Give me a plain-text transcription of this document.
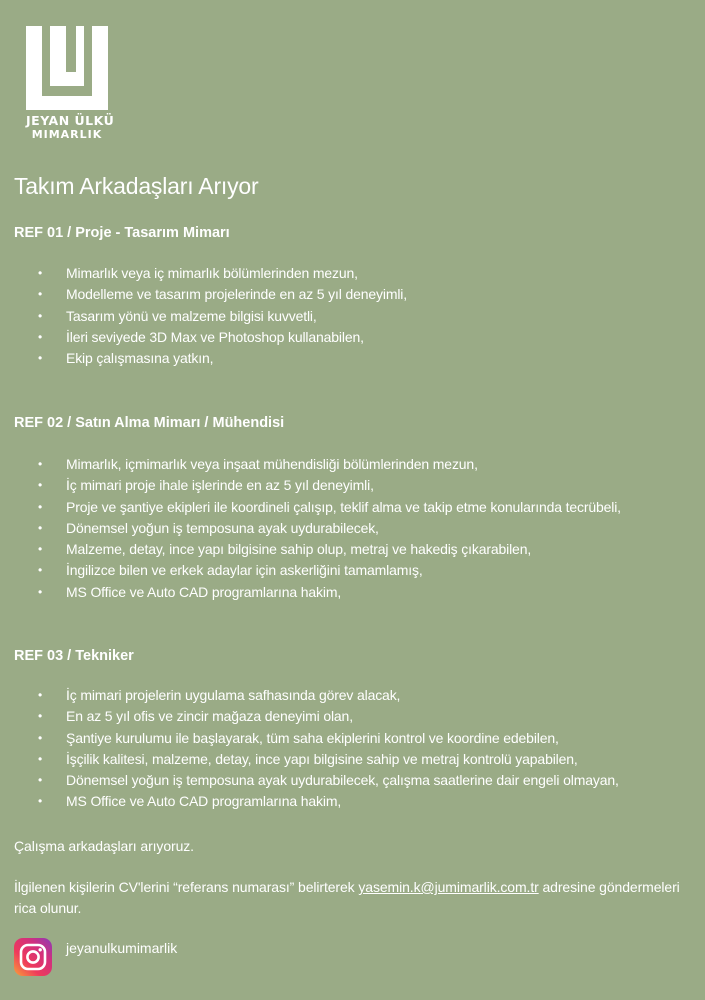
JEYAN ÜLKÜ
MIMARLIK
Takım Arkadaşları Arıyor
REF 01 / Proje - Tasarım Mimarı
• Mimarlık veya iç mimarlık bölümlerinden mezun,
• Modelleme ve tasarım projelerinde en az 5 yıl deneyimli,
• Tasarım yönü ve malzeme bilgisi kuvvetli,
• İleri seviyede 3D Max ve Photoshop kullanabilen,
• Ekip çalışmasına yatkın,
REF 02 / Satın Alma Mimarı / Mühendisi
• Mimarlık, içmimarlık veya inşaat mühendisliği bölümlerinden mezun,
• İç mimari proje ihale işlerinde en az 5 yıl deneyimli,
• Proje ve şantiye ekipleri ile koordineli çalışıp, teklif alma ve takip etme konularında tecrübeli,
• Dönemsel yoğun iş temposuna ayak uydurabilecek,
• Malzeme, detay, ince yapı bilgisine sahip olup, metraj ve hakediş çıkarabilen,
• İngilizce bilen ve erkek adaylar için askerliğini tamamlamış,
• MS Office ve Auto CAD programlarına hakim,
REF 03 / Tekniker
• İç mimari projelerin uygulama safhasında görev alacak,
• En az 5 yıl ofis ve zincir mağaza deneyimi olan,
• Şantiye kurulumu ile başlayarak, tüm saha ekiplerini kontrol ve koordine edebilen,
• İşçilik kalitesi, malzeme, detay, ince yapı bilgisine sahip ve metraj kontrolü yapabilen,
• Dönemsel yoğun iş temposuna ayak uydurabilecek, çalışma saatlerine dair engeli olmayan,
• MS Office ve Auto CAD programlarına hakim,

Çalışma arkadaşları arıyoruz.

İlgilenen kişilerin CV'lerini “referans numarası” belirterek yasemin.k@jumimarlik.com.tr adresine göndermeleri rica olunur.

jeyanulkumimarlik
